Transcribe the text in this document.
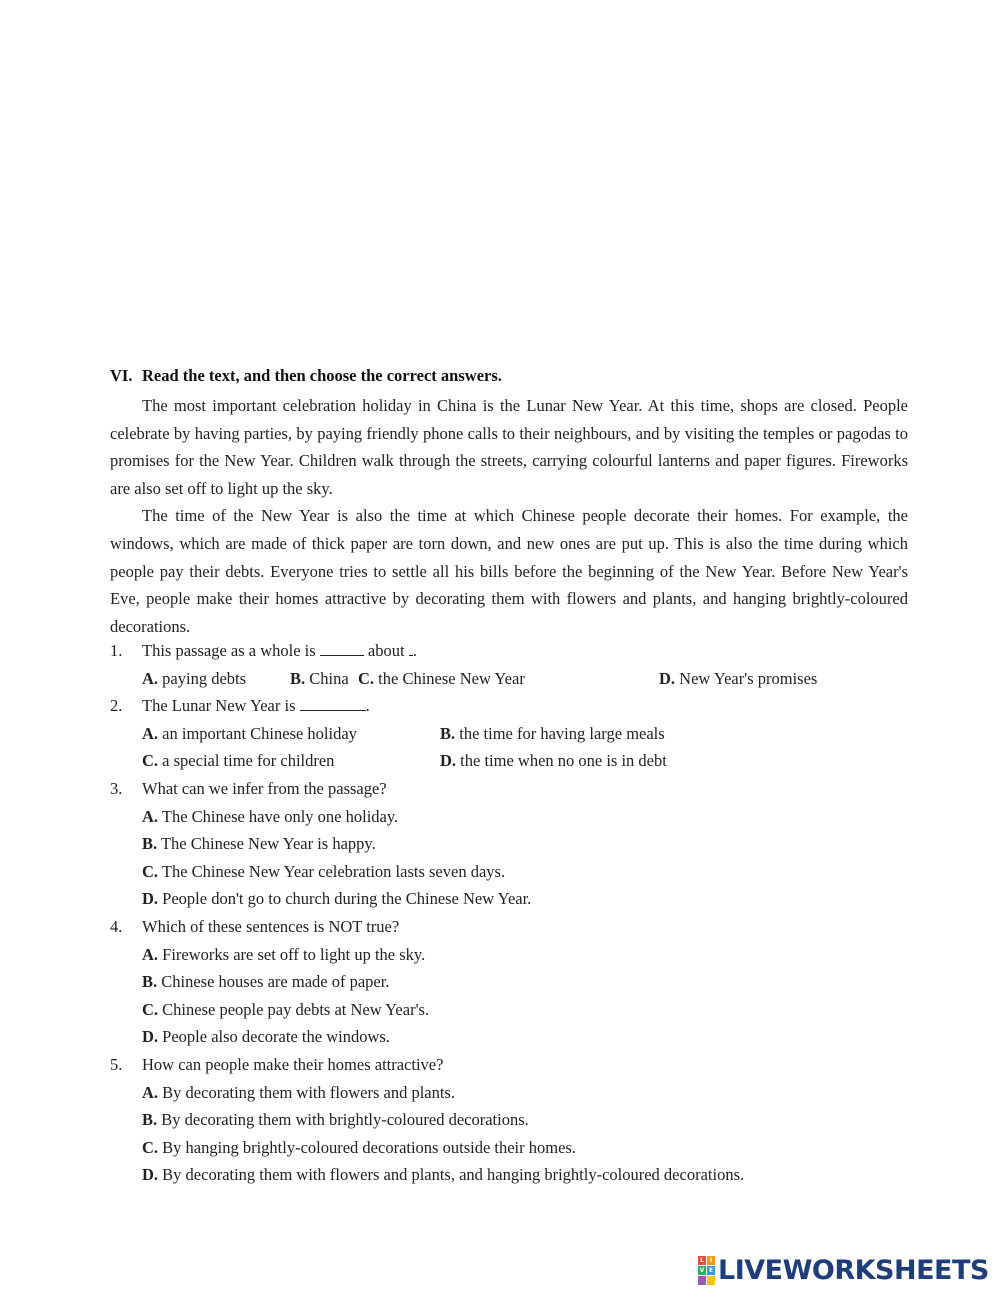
VI. Read the text, and then choose the correct answers.

The most important celebration holiday in China is the Lunar New Year. At this time, shops are closed. People celebrate by having parties, by paying friendly phone calls to their neighbours, and by visiting the temples or pagodas to promises for the New Year. Children walk through the streets, carrying colourful lanterns and paper figures. Fireworks are also set off to light up the sky.

The time of the New Year is also the time at which Chinese people decorate their homes. For example, the windows, which are made of thick paper are torn down, and new ones are put up. This is also the time during which people pay their debts. Everyone tries to settle all his bills before the beginning of the New Year. Before New Year's Eve, people make their homes attractive by decorating them with flowers and plants, and hanging brightly-coloured decorations.

1.	This passage as a whole is	about .
A. paying debts	B. China C. the Chinese New Year	D. New Year's promises
2.	The Lunar New Year is	.
A. an important Chinese holiday	B. the time for having large meals
C. a special time for children	D. the time when no one is in debt
3.	What can we infer from the passage?
A. The Chinese have only one holiday.
B. The Chinese New Year is happy.
C. The Chinese New Year celebration lasts seven days.
D. People don't go to church during the Chinese New Year.
4.	Which of these sentences is NOT true?
A. Fireworks are set off to light up the sky.
B. Chinese houses are made of paper.
C. Chinese people pay debts at New Year's.
D. People also decorate the windows.
5.	How can people make their homes attractive?
A. By decorating them with flowers and plants.
B. By decorating them with brightly-coloured decorations.
C. By hanging brightly-coloured decorations outside their homes.
D. By decorating them with flowers and plants, and hanging brightly-coloured decorations.
L I
V E LIVEWORKSHEETS
